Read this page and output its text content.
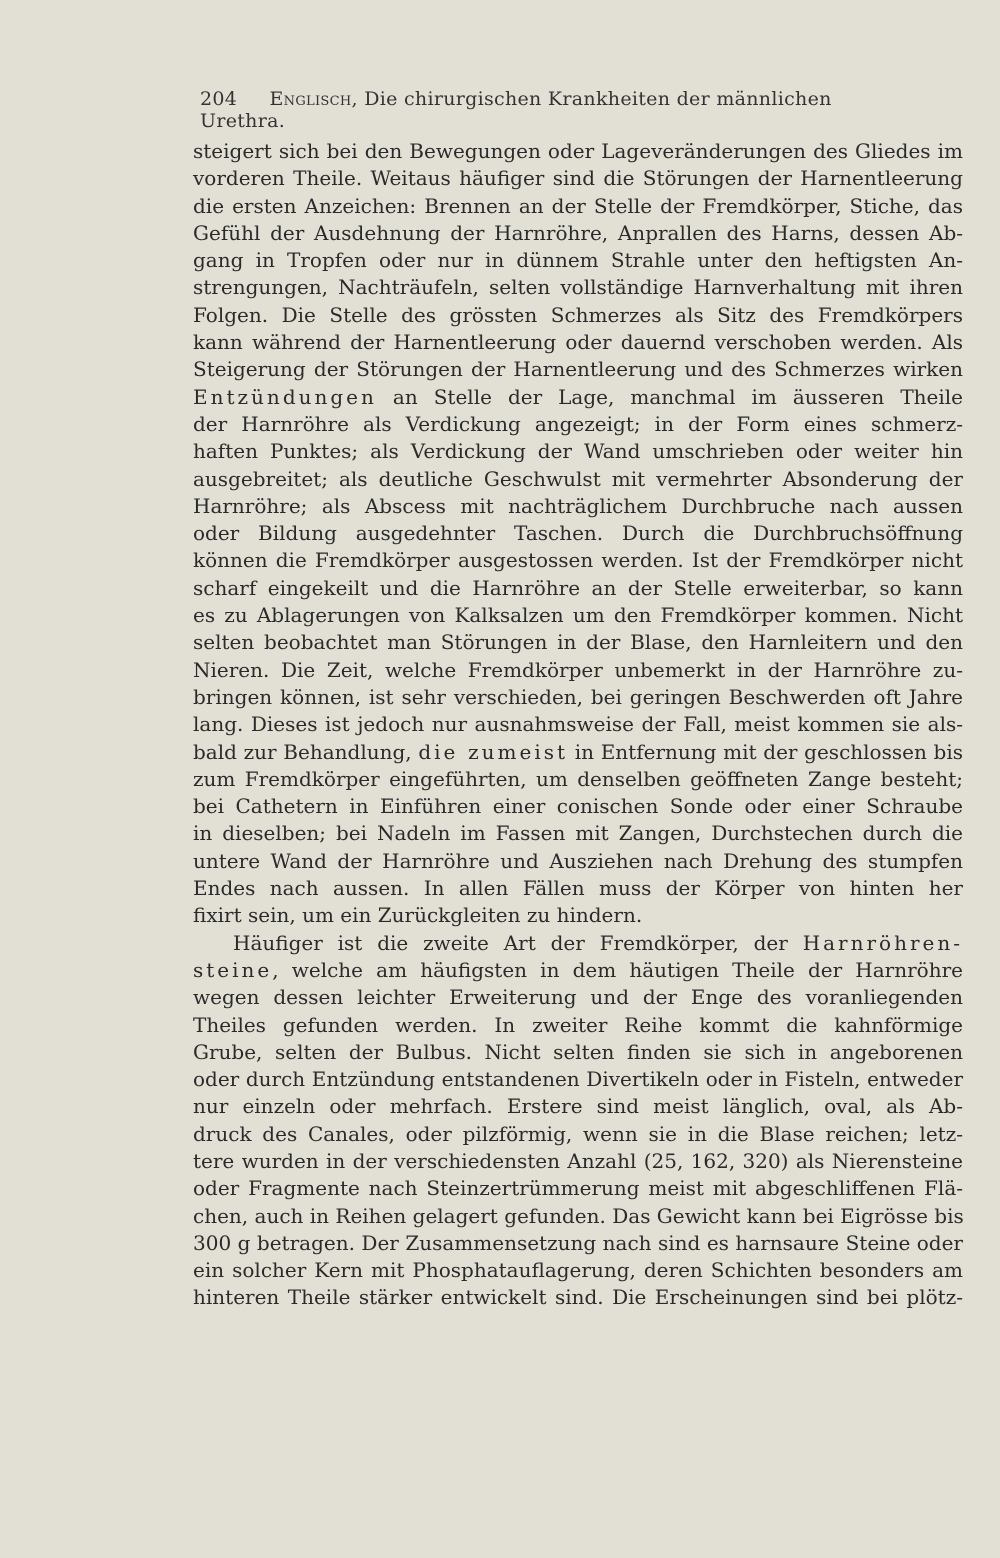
204 Englisch, Die chirurgischen Krankheiten der männlichen Urethra.
steigert sich bei den Bewegungen oder Lageveränderungen des Gliedes im
vorderen Theile. Weitaus häufiger sind die Störungen der Harnentleerung
die ersten Anzeichen: Brennen an der Stelle der Fremdkörper, Stiche, das
Gefühl der Ausdehnung der Harnröhre, Anprallen des Harns, dessen Ab-
gang in Tropfen oder nur in dünnem Strahle unter den heftigsten An-
strengungen, Nachträufeln, selten vollständige Harnverhaltung mit ihren
Folgen. Die Stelle des grössten Schmerzes als Sitz des Fremdkörpers
kann während der Harnentleerung oder dauernd verschoben werden. Als
Steigerung der Störungen der Harnentleerung und des Schmerzes wirken
Entzündungen an Stelle der Lage, manchmal im äusseren Theile
der Harnröhre als Verdickung angezeigt; in der Form eines schmerz-
haften Punktes; als Verdickung der Wand umschrieben oder weiter hin
ausgebreitet; als deutliche Geschwulst mit vermehrter Absonderung der
Harnröhre; als Abscess mit nachträglichem Durchbruche nach aussen
oder Bildung ausgedehnter Taschen. Durch die Durchbruchsöffnung
können die Fremdkörper ausgestossen werden. Ist der Fremdkörper nicht
scharf eingekeilt und die Harnröhre an der Stelle erweiterbar, so kann
es zu Ablagerungen von Kalksalzen um den Fremdkörper kommen. Nicht
selten beobachtet man Störungen in der Blase, den Harnleitern und den
Nieren. Die Zeit, welche Fremdkörper unbemerkt in der Harnröhre zu-
bringen können, ist sehr verschieden, bei geringen Beschwerden oft Jahre
lang. Dieses ist jedoch nur ausnahmsweise der Fall, meist kommen sie als-
bald zur Behandlung, die zumeist in Entfernung mit der geschlossen bis
zum Fremdkörper eingeführten, um denselben geöffneten Zange besteht;
bei Cathetern in Einführen einer conischen Sonde oder einer Schraube
in dieselben; bei Nadeln im Fassen mit Zangen, Durchstechen durch die
untere Wand der Harnröhre und Ausziehen nach Drehung des stumpfen
Endes nach aussen. In allen Fällen muss der Körper von hinten her
fixirt sein, um ein Zurückgleiten zu hindern.
Häufiger ist die zweite Art der Fremdkörper, der Harnröhren-
steine, welche am häufigsten in dem häutigen Theile der Harnröhre
wegen dessen leichter Erweiterung und der Enge des voranliegenden
Theiles gefunden werden. In zweiter Reihe kommt die kahnförmige
Grube, selten der Bulbus. Nicht selten finden sie sich in angeborenen
oder durch Entzündung entstandenen Divertikeln oder in Fisteln, entweder
nur einzeln oder mehrfach. Erstere sind meist länglich, oval, als Ab-
druck des Canales, oder pilzförmig, wenn sie in die Blase reichen; letz-
tere wurden in der verschiedensten Anzahl (25, 162, 320) als Nierensteine
oder Fragmente nach Steinzertrümmerung meist mit abgeschliffenen Flä-
chen, auch in Reihen gelagert gefunden. Das Gewicht kann bei Eigrösse bis
300 g betragen. Der Zusammensetzung nach sind es harnsaure Steine oder
ein solcher Kern mit Phosphatauflagerung, deren Schichten besonders am
hinteren Theile stärker entwickelt sind. Die Erscheinungen sind bei plötz-
